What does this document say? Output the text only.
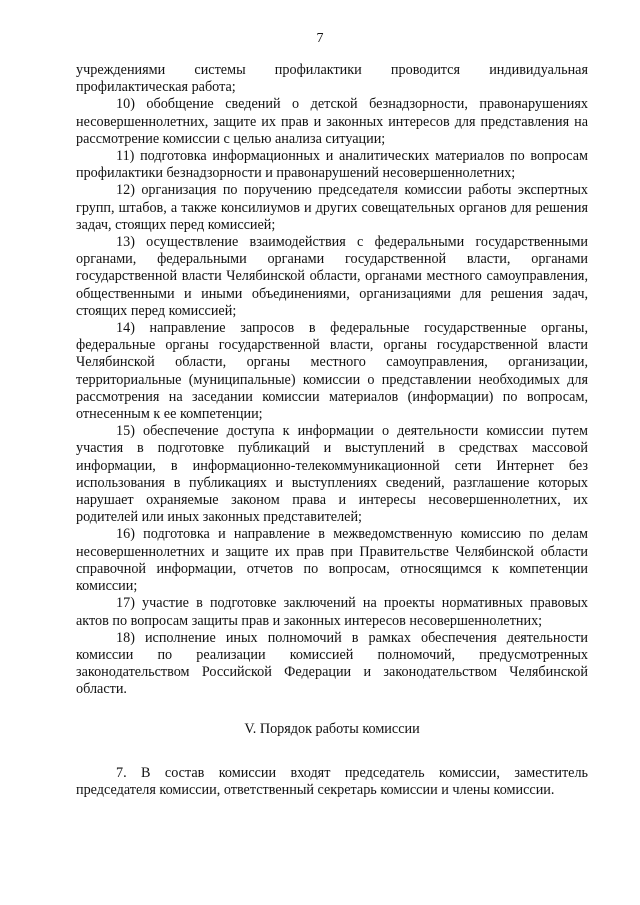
7

учреждениями системы профилактики проводится индивидуальная профилактическая работа;

10) обобщение сведений о детской безнадзорности, правонарушениях несовершеннолетних, защите их прав и законных интересов для представления на рассмотрение комиссии с целью анализа ситуации;

11) подготовка информационных и аналитических материалов по вопросам профилактики безнадзорности и правонарушений несовершеннолетних;

12) организация по поручению председателя комиссии работы экспертных групп, штабов, а также консилиумов и других совещательных органов для решения задач, стоящих перед комиссией;

13) осуществление взаимодействия с федеральными государственными органами, федеральными органами государственной власти, органами государственной власти Челябинской области, органами местного самоуправления, общественными и иными объединениями, организациями для решения задач, стоящих перед комиссией;

14) направление запросов в федеральные государственные органы, федеральные органы государственной власти, органы государственной власти Челябинской области, органы местного самоуправления, организации, территориальные (муниципальные) комиссии о представлении необходимых для рассмотрения на заседании комиссии материалов (информации) по вопросам, отнесенным к ее компетенции;

15) обеспечение доступа к информации о деятельности комиссии путем участия в подготовке публикаций и выступлений в средствах массовой информации, в информационно-телекоммуникационной сети Интернет без использования в публикациях и выступлениях сведений, разглашение которых нарушает охраняемые законом права и интересы несовершеннолетних, их родителей или иных законных представителей;

16) подготовка и направление в межведомственную комиссию по делам несовершеннолетних и защите их прав при Правительстве Челябинской области справочной информации, отчетов по вопросам, относящимся к компетенции комиссии;

17) участие в подготовке заключений на проекты нормативных правовых актов по вопросам защиты прав и законных интересов несовершеннолетних;

18) исполнение иных полномочий в рамках обеспечения деятельности комиссии по реализации комиссией полномочий, предусмотренных законодательством Российской Федерации и законодательством Челябинской области.

V. Порядок работы комиссии

7. В состав комиссии входят председатель комиссии, заместитель председателя комиссии, ответственный секретарь комиссии и члены комиссии.
